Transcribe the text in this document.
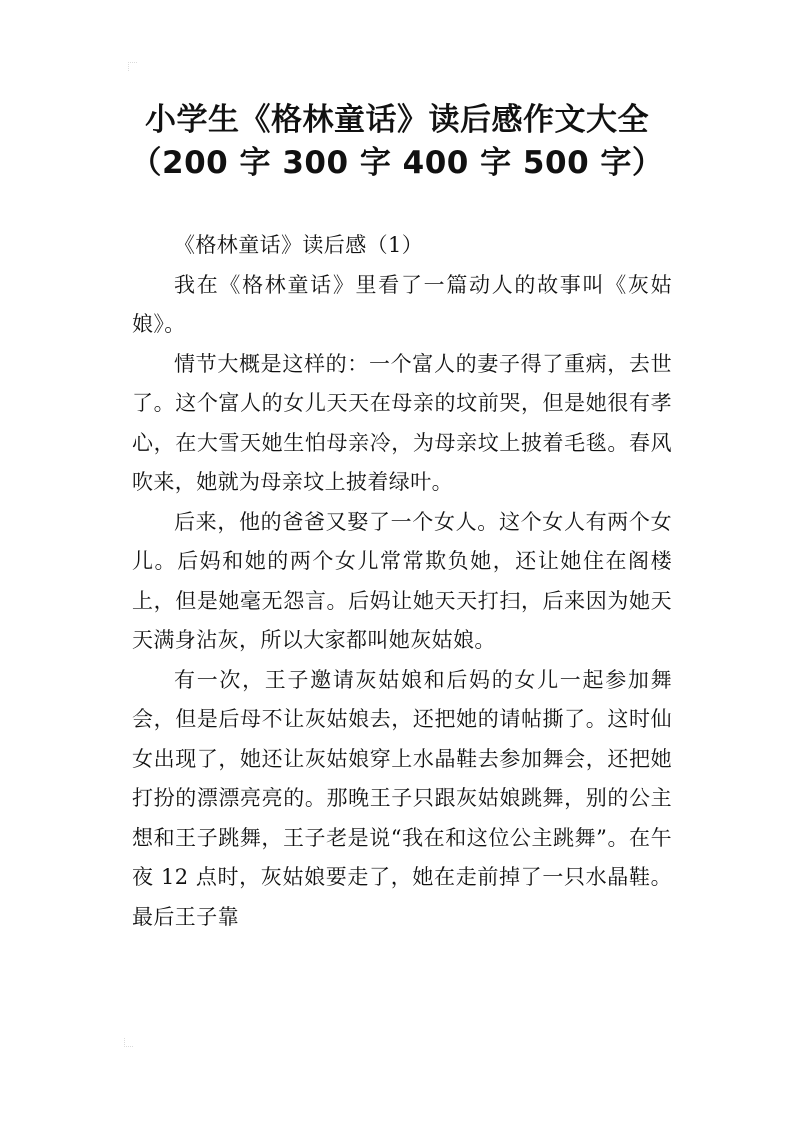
小学生《格林童话》读后感作文大全
（200 字 300 字 400 字 500 字）

《格林童话》读后感（1）

我在《格林童话》里看了一篇动人的故事叫《灰姑娘》。

情节大概是这样的：一个富人的妻子得了重病，去世了。这个富人的女儿天天在母亲的坟前哭，但是她很有孝心，在大雪天她生怕母亲冷，为母亲坟上披着毛毯。春风吹来，她就为母亲坟上披着绿叶。

后来，他的爸爸又娶了一个女人。这个女人有两个女儿。后妈和她的两个女儿常常欺负她，还让她住在阁楼上，但是她毫无怨言。后妈让她天天打扫，后来因为她天天满身沾灰，所以大家都叫她灰姑娘。

有一次，王子邀请灰姑娘和后妈的女儿一起参加舞会，但是后母不让灰姑娘去，还把她的请帖撕了。这时仙女出现了，她还让灰姑娘穿上水晶鞋去参加舞会，还把她打扮的漂漂亮亮的。那晚王子只跟灰姑娘跳舞，别的公主想和王子跳舞，王子老是说“我在和这位公主跳舞”。在午夜 12 点时，灰姑娘要走了，她在走前掉了一只水晶鞋。最后王子靠
